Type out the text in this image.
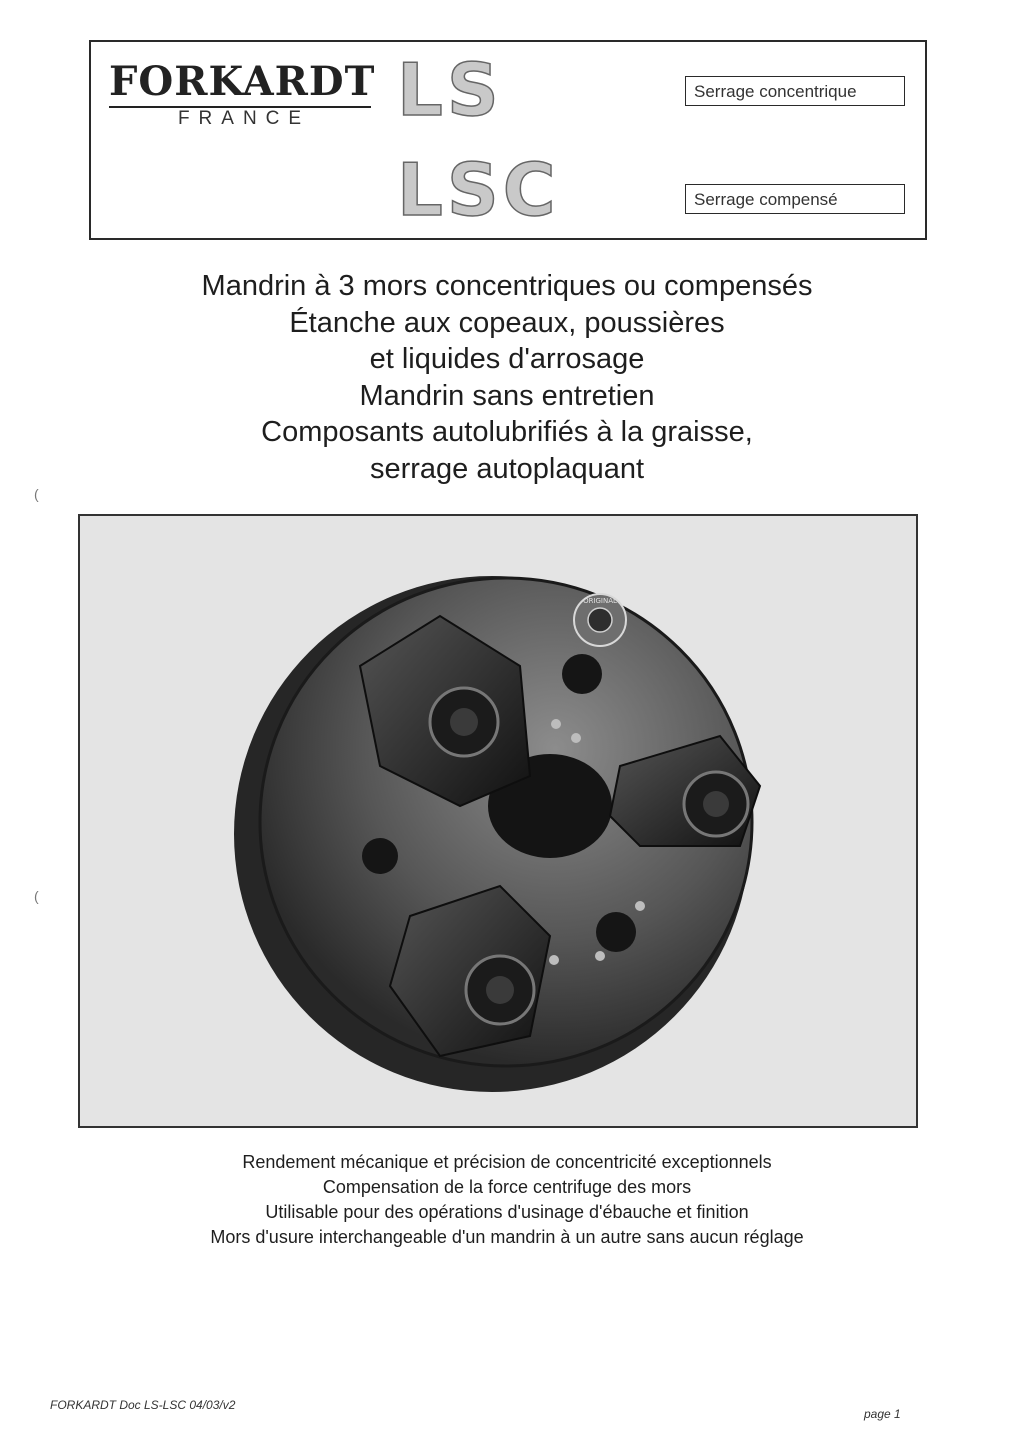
FORKARDT
FRANCE	LS
LSC
Serrage concentrique
Serrage compensé
Mandrin à 3 mors concentriques ou compensés
Étanche aux copeaux, poussières
et liquides d'arrosage
Mandrin sans entretien
Composants autolubrifiés à la graisse,
serrage autoplaquant
ORIGINAL
Rendement mécanique et précision de concentricité exceptionnels
Compensation de la force centrifuge des mors
Utilisable pour des opérations d'usinage d'ébauche et finition
Mors d'usure interchangeable d'un mandrin à un autre sans aucun réglage
(
(
FORKARDT Doc LS-LSC 04/03/v2
page 1
